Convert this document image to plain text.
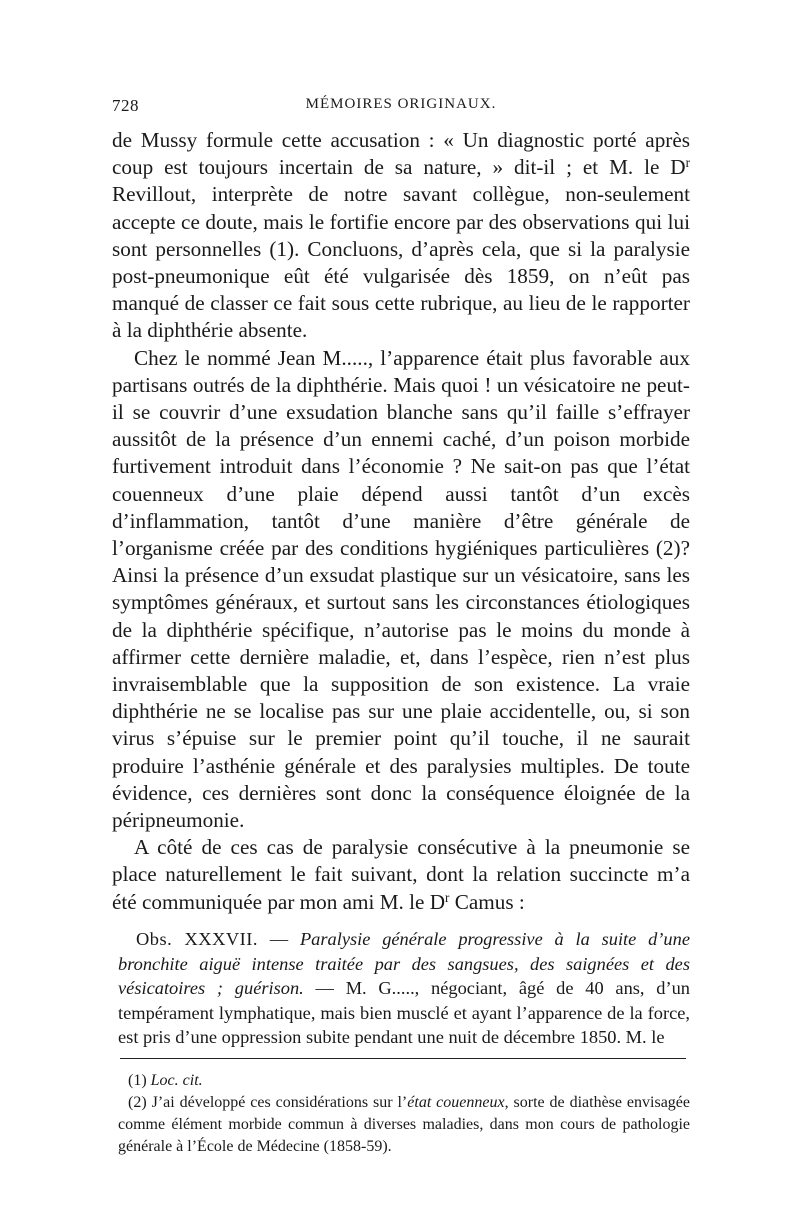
728	MÉMOIRES ORIGINAUX.

de Mussy formule cette accusation : « Un diagnostic porté après coup est toujours incertain de sa nature, » dit-il ; et M. le $D^r$ Revillout, interprète de notre savant collègue, non-seulement accepte ce doute, mais le fortifie encore par des observations qui lui sont personnelles (1). Concluons, d’après cela, que si la paralysie post-pneumonique eût été vulgarisée dès 1859, on n’eût pas manqué de classer ce fait sous cette rubrique, au lieu de le rapporter à la diphthérie absente.

Chez le nommé Jean M....., l’apparence était plus favorable aux partisans outrés de la diphthérie. Mais quoi ! un vésicatoire ne peut-il se couvrir d’une exsudation blanche sans qu’il faille s’effrayer aussitôt de la présence d’un ennemi caché, d’un poison morbide furtivement introduit dans l’économie ? Ne sait-on pas que l’état couenneux d’une plaie dépend aussi tantôt d’un excès d’inflammation, tantôt d’une manière d’être générale de l’organisme créée par des conditions hygiéniques particulières (2)? Ainsi la présence d’un exsudat plastique sur un vésicatoire, sans les symptômes généraux, et surtout sans les circonstances étiologiques de la diphthérie spécifique, n’autorise pas le moins du monde à affirmer cette dernière maladie, et, dans l’espèce, rien n’est plus invraisemblable que la supposition de son existence. La vraie diphthérie ne se localise pas sur une plaie accidentelle, ou, si son virus s’épuise sur le premier point qu’il touche, il ne saurait produire l’asthénie générale et des paralysies multiples. De toute évidence, ces dernières sont donc la conséquence éloignée de la péripneumonie.

A côté de ces cas de paralysie consécutive à la pneumonie se place naturellement le fait suivant, dont la relation succincte m’a été communiquée par mon ami M. le $D^r$ Camus :

Obs. XXXVII. — Paralysie générale progressive à la suite d’une bronchite aiguë intense traitée par des sangsues, des saignées et des vésicatoires ; guérison. — M. G....., négociant, âgé de 40 ans, d’un tempérament lymphatique, mais bien musclé et ayant l’apparence de la force, est pris d’une oppression subite pendant une nuit de décembre 1850. M. le

(1) Loc. cit.

(2) J’ai développé ces considérations sur l’état couenneux, sorte de diathèse envisagée comme élément morbide commun à diverses maladies, dans mon cours de pathologie générale à l’École de Médecine (1858-59).
